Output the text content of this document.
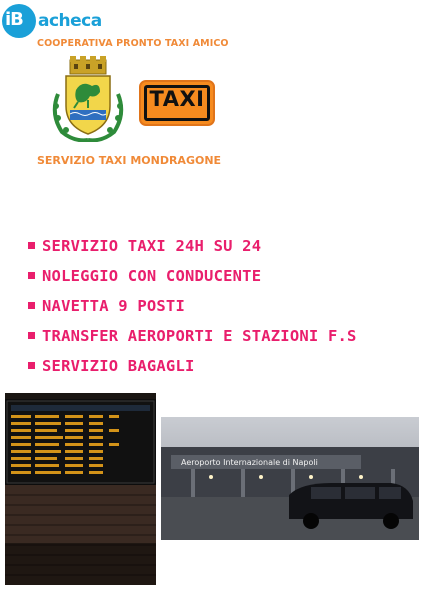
iB acheca
COOPERATIVA PRONTO TAXI AMICO
TAXI
SERVIZIO TAXI MONDRAGONE
SERVIZIO TAXI 24H SU 24
NOLEGGIO CON CONDUCENTE
NAVETTA 9 POSTI
TRANSFER AEROPORTI E STAZIONI F.S
SERVIZIO BAGAGLI
Aeroporto Internazionale di Napoli
